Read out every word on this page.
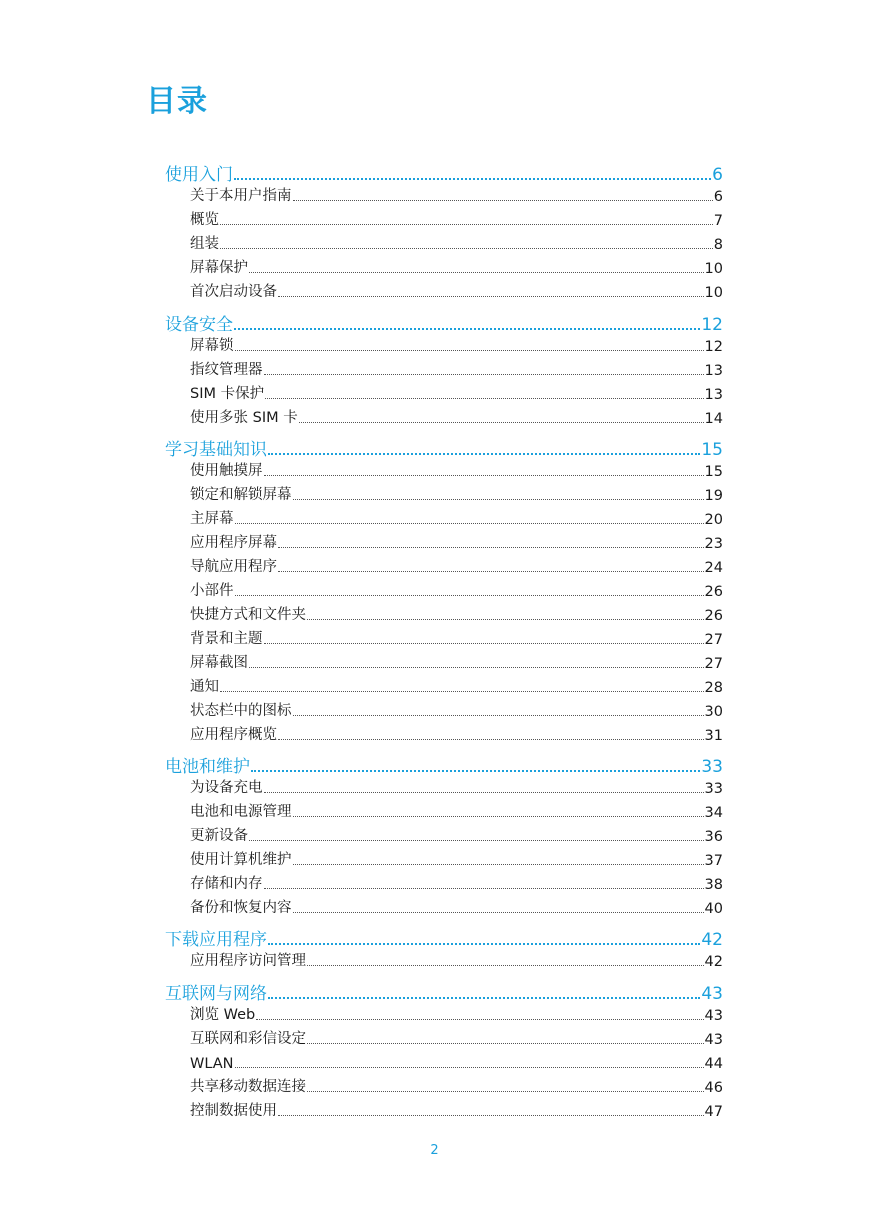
目录
使用入门	6
关于本用户指南	6
概览	7
组装	8
屏幕保护	10
首次启动设备	10
设备安全	12
屏幕锁	12
指纹管理器	13
SIM 卡保护	13
使用多张 SIM 卡	14
学习基础知识	15
使用触摸屏	15
锁定和解锁屏幕	19
主屏幕	20
应用程序屏幕	23
导航应用程序	24
小部件	26
快捷方式和文件夹	26
背景和主题	27
屏幕截图	27
通知	28
状态栏中的图标	30
应用程序概览	31
电池和维护	33
为设备充电	33
电池和电源管理	34
更新设备	36
使用计算机维护	37
存储和内存	38
备份和恢复内容	40
下载应用程序	42
应用程序访问管理	42
互联网与网络	43
浏览 Web	43
互联网和彩信设定	43
WLAN	44
共享移动数据连接	46
控制数据使用	47
2
